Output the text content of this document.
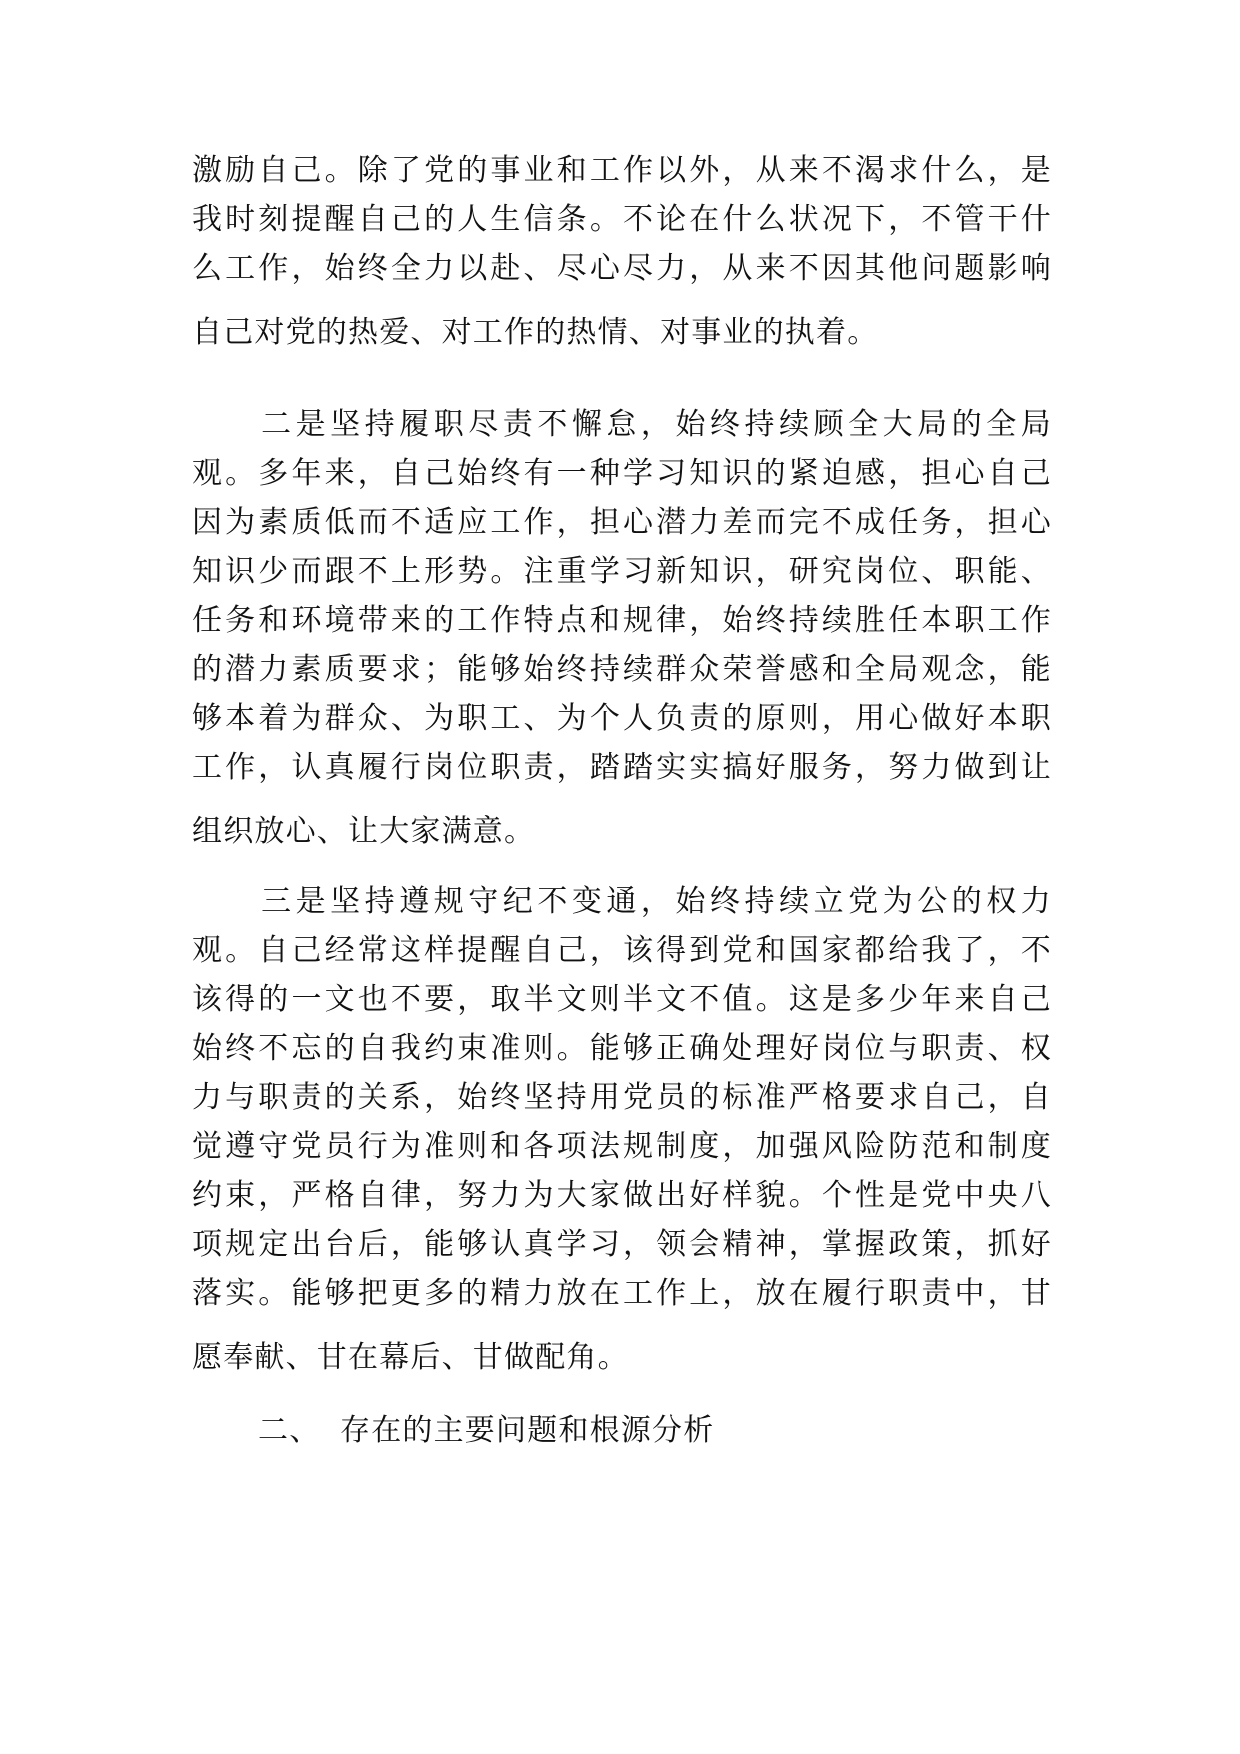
激励自己。除了党的事业和工作以外，从来不渴求什么，是
我时刻提醒自己的人生信条。不论在什么状况下，不管干什
么工作，始终全力以赴、尽心尽力，从来不因其他问题影响
自己对党的热爱、对工作的热情、对事业的执着。
　　二是坚持履职尽责不懈怠，始终持续顾全大局的全局
观。多年来，自己始终有一种学习知识的紧迫感，担心自己
因为素质低而不适应工作，担心潜力差而完不成任务，担心
知识少而跟不上形势。注重学习新知识，研究岗位、职能、
任务和环境带来的工作特点和规律，始终持续胜任本职工作
的潜力素质要求；能够始终持续群众荣誉感和全局观念，能
够本着为群众、为职工、为个人负责的原则，用心做好本职
工作，认真履行岗位职责，踏踏实实搞好服务，努力做到让
组织放心、让大家满意。
　　三是坚持遵规守纪不变通，始终持续立党为公的权力
观。自己经常这样提醒自己，该得到党和国家都给我了，不
该得的一文也不要，取半文则半文不值。这是多少年来自己
始终不忘的自我约束准则。能够正确处理好岗位与职责、权
力与职责的关系，始终坚持用党员的标准严格要求自己，自
觉遵守党员行为准则和各项法规制度，加强风险防范和制度
约束，严格自律，努力为大家做出好样貌。个性是党中央八
项规定出台后，能够认真学习，领会精神，掌握政策，抓好
落实。能够把更多的精力放在工作上，放在履行职责中，甘
愿奉献、甘在幕后、甘做配角。
二、 存在的主要问题和根源分析
